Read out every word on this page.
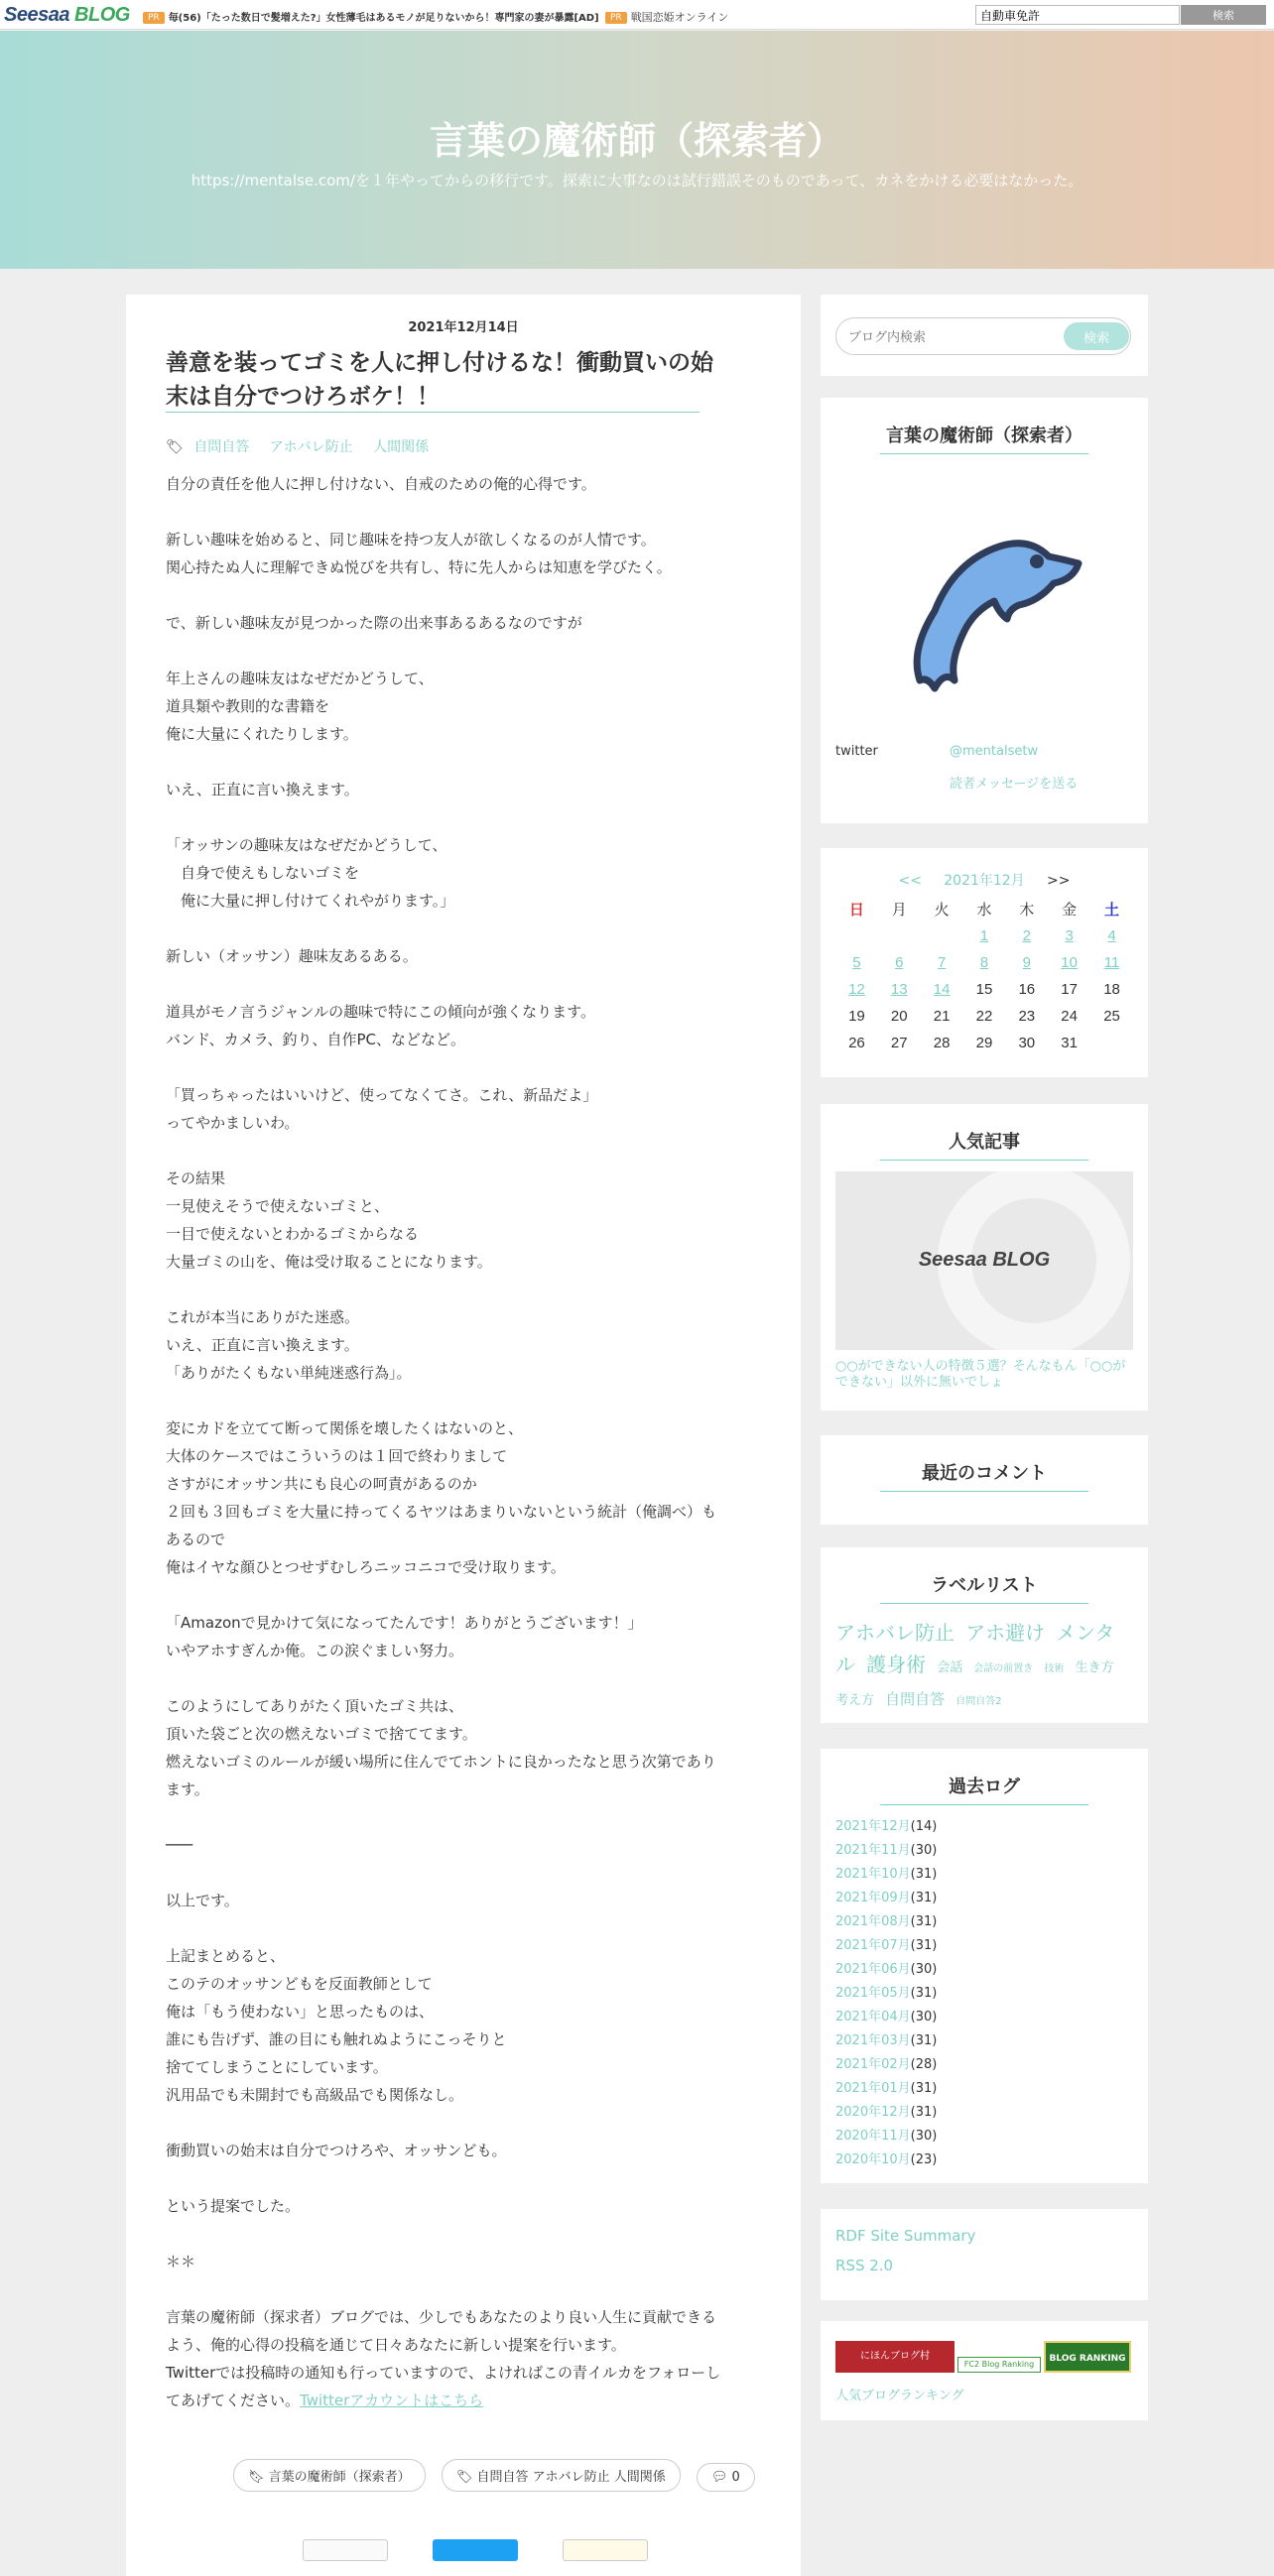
Seesaa BLOG	PR 毎(56)「たった数日で髪増えた?」女性薄毛はあるモノが足りないから！専門家の妻が暴露[AD]	PR 戦国恋姫オンライン
自動車免許	検索
言葉の魔術師（探索者）
https://mentalse.com/を１年やってからの移行です。探索に大事なのは試行錯誤そのものであって、カネをかける必要はなかった。
2021年12月14日
善意を装ってゴミを人に押し付けるな！衝動買いの始末は自分でつけろボケ！！
🏷︎ 自問自答 アホバレ防止 人間関係

自分の責任を他人に押し付けない、自戒のための俺的心得です。

新しい趣味を始めると、同じ趣味を持つ友人が欲しくなるのが人情です。

関心持たぬ人に理解できぬ悦びを共有し、特に先人からは知恵を学びたく。

で、新しい趣味友が見つかった際の出来事あるあるなのですが

年上さんの趣味友はなぜだかどうして、

道具類や教則的な書籍を

俺に大量にくれたりします。

いえ、正直に言い換えます。

「オッサンの趣味友はなぜだかどうして、

　自身で使えもしないゴミを

　俺に大量に押し付けてくれやがります。」

新しい（オッサン）趣味友あるある。

道具がモノ言うジャンルの趣味で特にこの傾向が強くなります。

バンド、カメラ、釣り、自作PC、などなど。

「買っちゃったはいいけど、使ってなくてさ。これ、新品だよ」

ってやかましいわ。

その結果

一見使えそうで使えないゴミと、

一目で使えないとわかるゴミからなる

大量ゴミの山を、俺は受け取ることになります。

これが本当にありがた迷惑。

いえ、正直に言い換えます。

「ありがたくもない単純迷惑行為」。

変にカドを立てて断って関係を壊したくはないのと、

大体のケースではこういうのは１回で終わりまして

さすがにオッサン共にも良心の呵責があるのか

２回も３回もゴミを大量に持ってくるヤツはあまりいないという統計（俺調べ）も

あるので

俺はイヤな顔ひとつせずむしろニッコニコで受け取ります。

「Amazonで見かけて気になってたんです！ありがとうございます！」

いやアホすぎんか俺。この涙ぐましい努力。

このようにしてありがたく頂いたゴミ共は、

頂いた袋ごと次の燃えないゴミで捨ててます。

燃えないゴミのルールが緩い場所に住んでてホントに良かったなと思う次第であり

ます。

───

以上です。

上記まとめると、

このテのオッサンどもを反面教師として

俺は「もう使わない」と思ったものは、

誰にも告げず、誰の目にも触れぬようにこっそりと

捨ててしまうことにしています。

汎用品でも未開封でも高級品でも関係なし。

衝動買いの始末は自分でつけろや、オッサンども。

という提案でした。

＊＊

言葉の魔術師（探求者）ブログでは、少しでもあなたのより良い人生に貢献できる

よう、俺的心得の投稿を通じて日々あなたに新しい提案を行います。

Twitterでは投稿時の通知も行っていますので、よければこの青イルカをフォローし

てあげてください。Twitterアカウントはこちら

🔖︎ 言葉の魔術師（探索者）	🏷︎ 自問自答 アホバレ防止 人間関係	💬︎ 0

ブログ内検索
検索
言葉の魔術師（探索者）
twitter	@mentalsetw
読者メッセージを送る
<< 2021年12月 >>
日	月	火	水	木	金	土
			1	2	3	4
5	6	7	8	9	10	11
12	13	14	15	16	17	18
19	20	21	22	23	24	25
26	27	28	29	30	31	
人気記事
Seesaa BLOG
○○ができない人の特徴５選？そんなもん「○○ができない」以外に無いでしょ
最近のコメント
ラベルリスト
アホバレ防止 アホ避け メンタル 護身術 会話 会話の前置き 技術 生き方 考え方 自問自答 自問自答2
過去ログ
2021年12月(14)
2021年11月(30)
2021年10月(31)
2021年09月(31)
2021年08月(31)
2021年07月(31)
2021年06月(30)
2021年05月(31)
2021年04月(30)
2021年03月(31)
2021年02月(28)
2021年01月(31)
2020年12月(31)
2020年11月(30)
2020年10月(23)
RDF Site Summary
RSS 2.0
にほんブログ村
FC2 Blog Ranking
BLOG RANKING
人気ブログランキング
